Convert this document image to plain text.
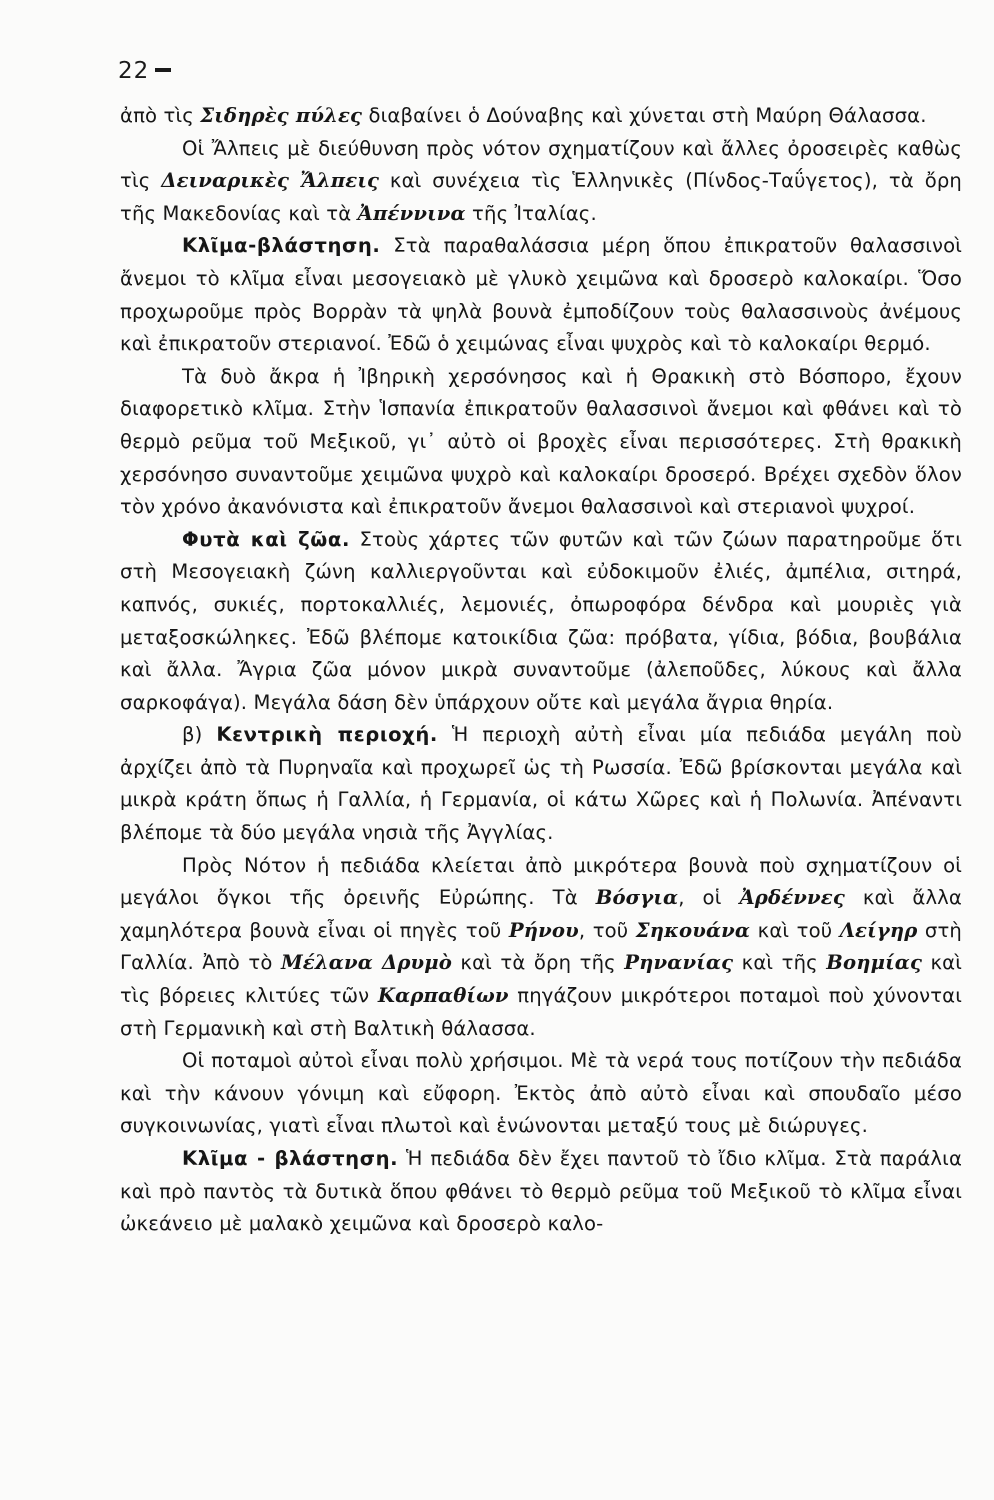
22

ἀπὸ τὶς Σιδηρὲς πύλες διαβαίνει ὁ Δούναβης καὶ χύνεται στὴ Μαύρη Θάλασσα.

Οἱ Ἄλπεις μὲ διεύθυνση πρὸς νότον σχηματίζουν καὶ ἄλλες ὀροσειρὲς καθὼς τὶς Δειναρικὲς Ἄλπεις καὶ συνέχεια τὶς Ἑλληνικὲς (Πίνδος-Ταΰγετος), τὰ ὄρη τῆς Μακεδονίας καὶ τὰ Ἀπέννινα τῆς Ἰταλίας.

Κλῖμα-βλάστηση. Στὰ παραθαλάσσια μέρη ὅπου ἐπικρατοῦν θαλασσινοὶ ἄνεμοι τὸ κλῖμα εἶναι μεσογειακὸ μὲ γλυκὸ χειμῶνα καὶ δροσερὸ καλοκαίρι. Ὅσο προχωροῦμε πρὸς Βορρὰν τὰ ψηλὰ βουνὰ ἐμποδίζουν τοὺς θαλασσινοὺς ἀνέμους καὶ ἐπικρατοῦν στεριανοί. Ἐδῶ ὁ χειμώνας εἶναι ψυχρὸς καὶ τὸ καλοκαίρι θερμό.

Τὰ δυὸ ἄκρα ἡ Ἰβηρικὴ χερσόνησος καὶ ἡ Θρακικὴ στὸ Βόσπορο, ἔχουν διαφορετικὸ κλῖμα. Στὴν Ἱσπανία ἐπικρατοῦν θαλασσινοὶ ἄνεμοι καὶ φθάνει καὶ τὸ θερμὸ ρεῦμα τοῦ Μεξικοῦ, γι᾽ αὐτὸ οἱ βροχὲς εἶναι περισσότερες. Στὴ θρακικὴ χερσόνησο συναντοῦμε χειμῶνα ψυχρὸ καὶ καλοκαίρι δροσερό. Βρέχει σχεδὸν ὅλον τὸν χρόνο ἀκανόνιστα καὶ ἐπικρατοῦν ἄνεμοι θαλασσινοὶ καὶ στεριανοὶ ψυχροί.

Φυτὰ καὶ ζῶα. Στοὺς χάρτες τῶν φυτῶν καὶ τῶν ζώων παρατηροῦμε ὅτι στὴ Μεσογειακὴ ζώνη καλλιεργοῦνται καὶ εὐδοκιμοῦν ἐλιές, ἀμπέλια, σιτηρά, καπνός, συκιές, πορτοκαλλιές, λεμονιές, ὀπωροφόρα δένδρα καὶ μουριὲς γιὰ μεταξοσκώληκες. Ἐδῶ βλέπομε κατοικίδια ζῶα: πρόβατα, γίδια, βόδια, βουβάλια καὶ ἄλλα. Ἄγρια ζῶα μόνον μικρὰ συναντοῦμε (ἀλεποῦδες, λύκους καὶ ἄλλα σαρκοφάγα). Μεγάλα δάση δὲν ὑπάρχουν οὔτε καὶ μεγάλα ἄγρια θηρία.

β) Κεντρικὴ περιοχή. Ἡ περιοχὴ αὐτὴ εἶναι μία πεδιάδα μεγάλη ποὺ ἀρχίζει ἀπὸ τὰ Πυρηναῖα καὶ προχωρεῖ ὡς τὴ Ρωσσία. Ἐδῶ βρίσκονται μεγάλα καὶ μικρὰ κράτη ὅπως ἡ Γαλλία, ἡ Γερμανία, οἱ κάτω Χῶρες καὶ ἡ Πολωνία. Ἀπέναντι βλέπομε τὰ δύο μεγάλα νησιὰ τῆς Ἀγγλίας.

Πρὸς Νότον ἡ πεδιάδα κλείεται ἀπὸ μικρότερα βουνὰ ποὺ σχηματίζουν οἱ μεγάλοι ὄγκοι τῆς ὀρεινῆς Εὐρώπης. Τὰ Βόσγια, οἱ Ἀρδέννες καὶ ἄλλα χαμηλότερα βουνὰ εἶναι οἱ πηγὲς τοῦ Ρήνου, τοῦ Σηκουάνα καὶ τοῦ Λείγηρ στὴ Γαλλία. Ἀπὸ τὸ Μέλανα Δρυμὸ καὶ τὰ ὄρη τῆς Ρηνανίας καὶ τῆς Βοημίας καὶ τὶς βόρειες κλιτύες τῶν Καρπαθίων πηγάζουν μικρότεροι ποταμοὶ ποὺ χύνονται στὴ Γερμανικὴ καὶ στὴ Βαλτικὴ θάλασσα.

Οἱ ποταμοὶ αὐτοὶ εἶναι πολὺ χρήσιμοι. Μὲ τὰ νερά τους ποτίζουν τὴν πεδιάδα καὶ τὴν κάνουν γόνιμη καὶ εὔφορη. Ἐκτὸς ἀπὸ αὐτὸ εἶναι καὶ σπουδαῖο μέσο συγκοινωνίας, γιατὶ εἶναι πλωτοὶ καὶ ἑνώνονται μεταξύ τους μὲ διώρυγες.

Κλῖμα - βλάστηση. Ἡ πεδιάδα δὲν ἔχει παντοῦ τὸ ἴδιο κλῖμα. Στὰ παράλια καὶ πρὸ παντὸς τὰ δυτικὰ ὅπου φθάνει τὸ θερμὸ ρεῦμα τοῦ Μεξικοῦ τὸ κλῖμα εἶναι ὠκεάνειο μὲ μαλακὸ χειμῶνα καὶ δροσερὸ καλο-
